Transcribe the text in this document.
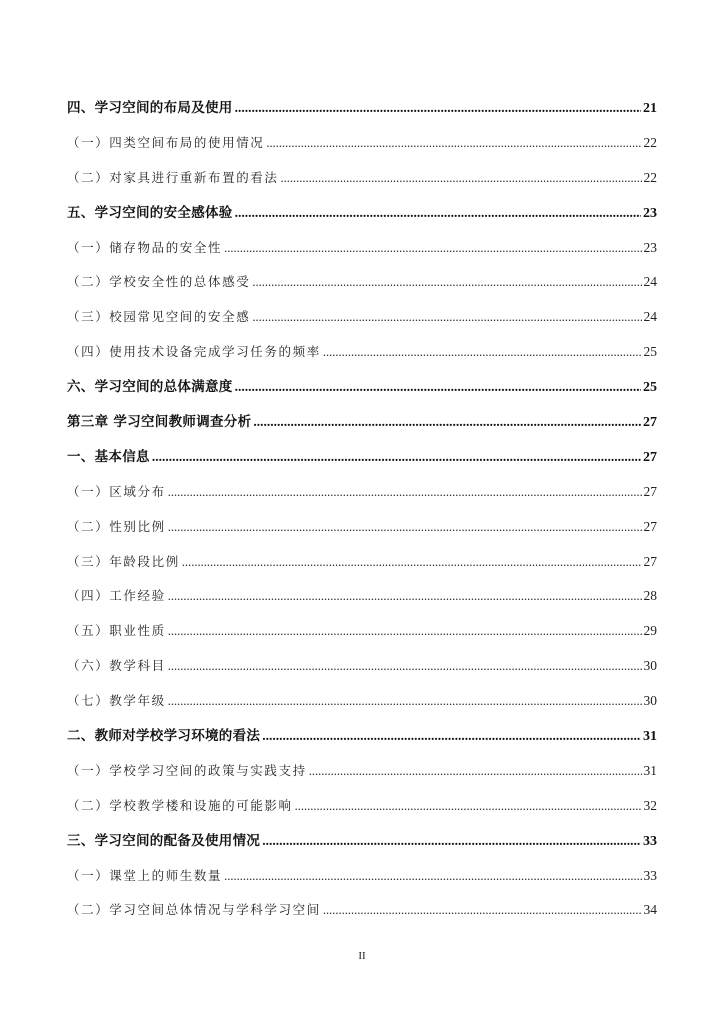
四、学习空间的布局及使用 .....	21
（一）四类空间布局的使用情况 .....	22
（二）对家具进行重新布置的看法 .....	22
五、学习空间的安全感体验 .....	23
（一）储存物品的安全性 .....	23
（二）学校安全性的总体感受 .....	24
（三）校园常见空间的安全感 .....	24
（四）使用技术设备完成学习任务的频率 .....	25
六、学习空间的总体满意度 .....	25
第三章 学习空间教师调查分析 .....	27
一、基本信息 .....	27
（一）区域分布 .....	27
（二）性别比例 .....	27
（三）年龄段比例 .....	27
（四）工作经验 .....	28
（五）职业性质 .....	29
（六）教学科目 .....	30
（七）教学年级 .....	30
二、教师对学校学习环境的看法 .....	31
（一）学校学习空间的政策与实践支持 .....	31
（二）学校教学楼和设施的可能影响 .....	32
三、学习空间的配备及使用情况 .....	33
（一）课堂上的师生数量 .....	33
（二）学习空间总体情况与学科学习空间 .....	34
II
